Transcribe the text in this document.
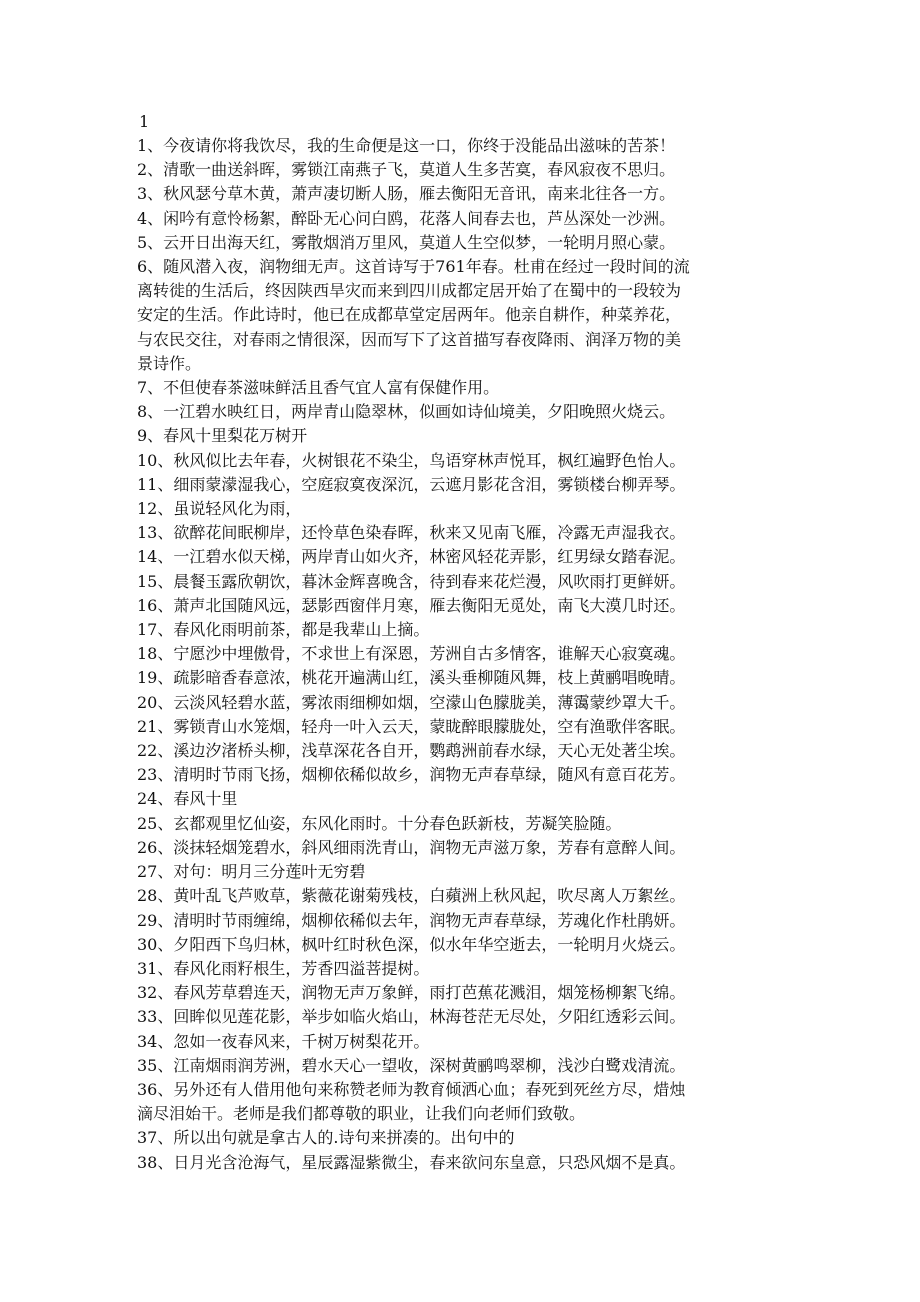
1

1、今夜请你将我饮尽，我的生命便是这一口，你终于没能品出滋味的苦茶！

2、清歌一曲送斜晖，雾锁江南燕子飞，莫道人生多苦寞，春风寂夜不思归。

3、秋风瑟兮草木黄，萧声凄切断人肠，雁去衡阳无音讯，南来北往各一方。

4、闲吟有意怜杨絮，醉卧无心问白鸥，花落人间春去也，芦丛深处一沙洲。

5、云开日出海天红，雾散烟消万里风，莫道人生空似梦，一轮明月照心蒙。

6、随风潜入夜，润物细无声。这首诗写于761年春。杜甫在经过一段时间的流

离转徙的生活后，终因陕西旱灾而来到四川成都定居开始了在蜀中的一段较为

安定的生活。作此诗时，他已在成都草堂定居两年。他亲自耕作，种菜养花，

与农民交往，对春雨之情很深，因而写下了这首描写春夜降雨、润泽万物的美

景诗作。

7、不但使春茶滋味鲜活且香气宜人富有保健作用。

8、一江碧水映红日，两岸青山隐翠林，似画如诗仙境美，夕阳晚照火烧云。

9、春风十里梨花万树开

10、秋风似比去年春，火树银花不染尘，鸟语穿林声悦耳，枫红遍野色怡人。

11、细雨蒙濛湿我心，空庭寂寞夜深沉，云遮月影花含泪，雾锁楼台柳弄琴。

12、虽说轻风化为雨，

13、欲醉花间眠柳岸，还怜草色染春晖，秋来又见南飞雁，冷露无声湿我衣。

14、一江碧水似天梯，两岸青山如火齐，林密风轻花弄影，红男绿女踏春泥。

15、晨餐玉露欣朝饮，暮沐金辉喜晚含，待到春来花烂漫，风吹雨打更鲜妍。

16、萧声北国随风远，瑟影西窗伴月寒，雁去衡阳无觅处，南飞大漠几时还。

17、春风化雨明前茶，都是我辈山上摘。

18、宁愿沙中埋傲骨，不求世上有深恩，芳洲自古多情客，谁解天心寂寞魂。

19、疏影暗香春意浓，桃花开遍满山红，溪头垂柳随风舞，枝上黄鹂唱晚晴。

20、云淡风轻碧水蓝，雾浓雨细柳如烟，空濛山色朦胧美，薄霭蒙纱罩大千。

21、雾锁青山水笼烟，轻舟一叶入云天，蒙眬醉眼朦胧处，空有渔歌伴客眠。

22、溪边汐渚桥头柳，浅草深花各自开，鹦鹉洲前春水绿，天心无处著尘埃。

23、清明时节雨飞扬，烟柳依稀似故乡，润物无声春草绿，随风有意百花芳。

24、春风十里

25、玄都观里忆仙姿，东风化雨时。十分春色跃新枝，芳凝笑脸随。

26、淡抹轻烟笼碧水，斜风细雨洗青山，润物无声滋万象，芳春有意醉人间。

27、对句：明月三分莲叶无穷碧

28、黄叶乱飞芦败草，紫薇花谢菊残枝，白蘋洲上秋风起，吹尽离人万絮丝。

29、清明时节雨缠绵，烟柳依稀似去年，润物无声春草绿，芳魂化作杜鹃妍。

30、夕阳西下鸟归林，枫叶红时秋色深，似水年华空逝去，一轮明月火烧云。

31、春风化雨籽根生，芳香四溢菩提树。

32、春风芳草碧连天，润物无声万象鲜，雨打芭蕉花溅泪，烟笼杨柳絮飞绵。

33、回眸似见莲花影，举步如临火焰山，林海苍茫无尽处，夕阳红透彩云间。

34、忽如一夜春风来，千树万树梨花开。

35、江南烟雨润芳洲，碧水天心一望收，深树黄鹂鸣翠柳，浅沙白鹭戏清流。

36、另外还有人借用他句来称赞老师为教育倾洒心血；春死到死丝方尽，焟烛

滴尽泪始干。老师是我们都尊敬的职业，让我们向老师们致敬。

37、所以出句就是拿古人的.诗句来拼凑的。出句中的

38、日月光含沧海气，星辰露湿紫微尘，春来欲问东皇意，只恐风烟不是真。
